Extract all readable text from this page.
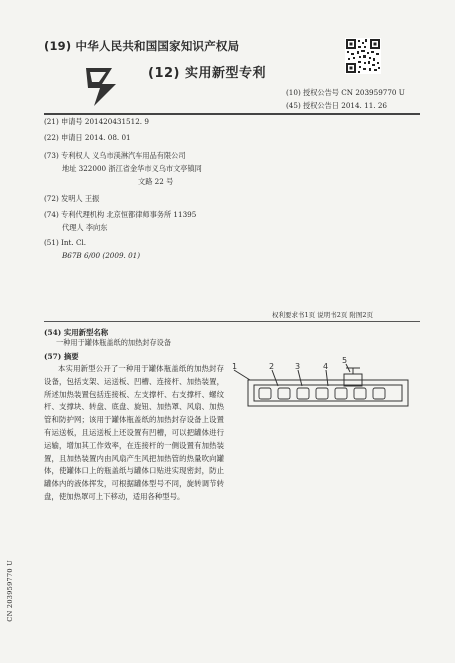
(19) 中华人民共和国国家知识产权局
(12) 实用新型专利
(10) 授权公告号 CN 203959770 U
(45) 授权公告日 2014. 11. 26
(21) 申请号 201420431512. 9
(22) 申请日 2014. 08. 01
(73) 专利权人 义乌市渼淋汽车用品有限公司
地址 322000 浙江省金华市义乌市文亭镇同
文路 22 号
(72) 发明人 王振
(74) 专利代理机构 北京恒都律师事务所 11395
代理人 李向东
(51) Int. Cl.
B67B 6/00 (2009. 01)
权利要求书1页 说明书2页 附图2页
(54) 实用新型名称
一种用于罐体瓶盖纸的加热封存设备
(57) 摘要
本实用新型公开了一种用于罐体瓶盖纸的加热封存设备，包括支架、运送板、凹槽、连接杆、加热装置，所述加热装置包括连接板、左支撑杆、右支撑杆、螺纹杆、支撑块、转盘、底盘、旋钮、加热罩、风扇、加热管和防护网；该用于罐体瓶盖纸的加热封存设备上设置有运送板，且运送板上还设置有凹槽，可以把罐体进行运输，增加其工作效率，在连接杆的一侧设置有加热装置，且加热装置内由风扇产生风把加热管的热量吹向罐体，使罐体口上的瓶盖纸与罐体口贴进实现密封，防止罐体内的液体挥发，可根据罐体型号不同，旋转调节转盘，使加热罩可上下移动，适用各种型号。
1	2	3	4
5
CN 203959770 U
